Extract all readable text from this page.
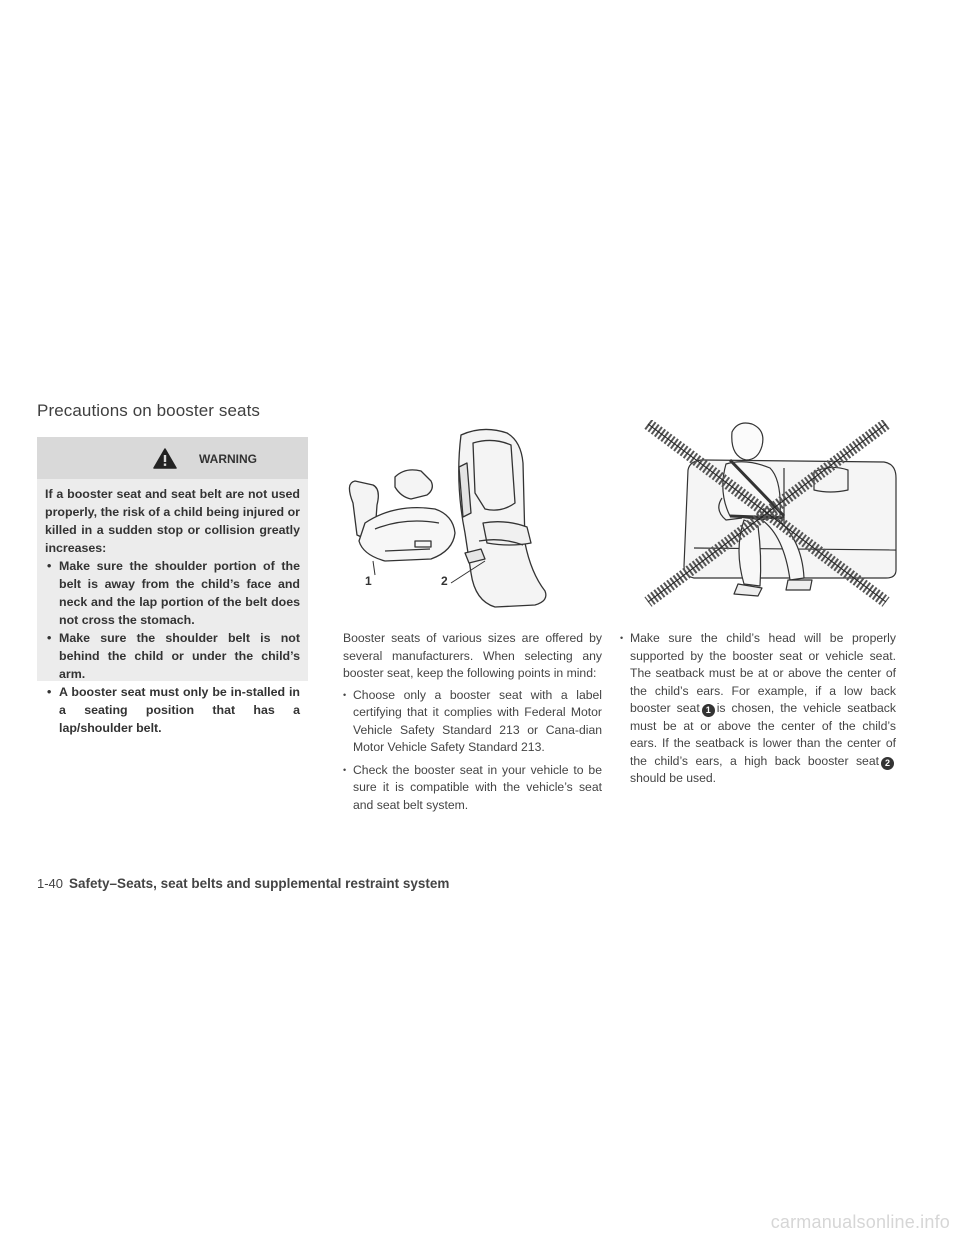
Precautions on booster seats
WARNING

If a booster seat and seat belt are not used properly, the risk of a child being injured or killed in a sudden stop or collision greatly increases:

• Make sure the shoulder portion of the belt is away from the child’s face and neck and the lap portion of the belt does not cross the stomach.
• Make sure the shoulder belt is not behind the child or under the child’s arm.
• A booster seat must only be in-stalled in a seating position that has a lap/shoulder belt.
1	2

Booster seats of various sizes are offered by several manufacturers. When selecting any booster seat, keep the following points in mind:

• Choose only a booster seat with a label certifying that it complies with Federal Motor Vehicle Safety Standard 213 or Cana-dian Motor Vehicle Safety Standard 213.
• Check the booster seat in your vehicle to be sure it is compatible with the vehicle’s seat and seat belt system.
• Make sure the child’s head will be properly supported by the booster seat or vehicle seat. The seatback must be at or above the center of the child’s ears. For example, if a low back booster seat 1 is chosen, the vehicle seatback must be at or above the center of the child’s ears. If the seatback is lower than the center of the child’s ears, a high back booster seat 2should be used.
1-40 Safety–Seats, seat belts and supplemental restraint system
carmanualsonline.info
